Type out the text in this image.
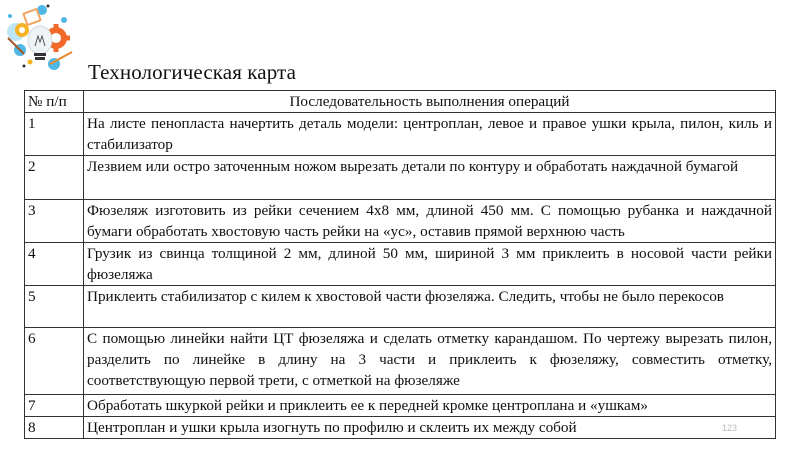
Технологическая карта
№ п/п	Последовательность выполнения операций
1	На листе пенопласта начертить деталь модели: центроплан, левое и правое ушки крыла, пилон, киль и стабилизатор
2	Лезвием или остро заточенным ножом вырезать детали по контуру и обработать наждачной бумагой
3	Фюзеляж изготовить из рейки сечением 4х8 мм, длиной 450 мм. С помощью рубанка и наждачной бумаги обработать хвостовую часть рейки на «ус», оставив прямой верхнюю часть
4	Грузик из свинца толщиной 2 мм, длиной 50 мм, шириной 3 мм приклеить в носовой части рейки фюзеляжа
5	Приклеить стабилизатор с килем к хвостовой части фюзеляжа. Следить, чтобы не было перекосов
6	С помощью линейки найти ЦТ фюзеляжа и сделать отметку карандашом. По чертежу вырезать пилон, разделить по линейке в длину на 3 части и приклеить к фюзеляжу, совместить отметку, соответствующую первой трети, с отметкой на фюзеляже
7	Обработать шкуркой рейки и приклеить ее к передней кромке центроплана и «ушкам»
8	Центроплан и ушки крыла изогнуть по профилю и склеить их между собой	123
